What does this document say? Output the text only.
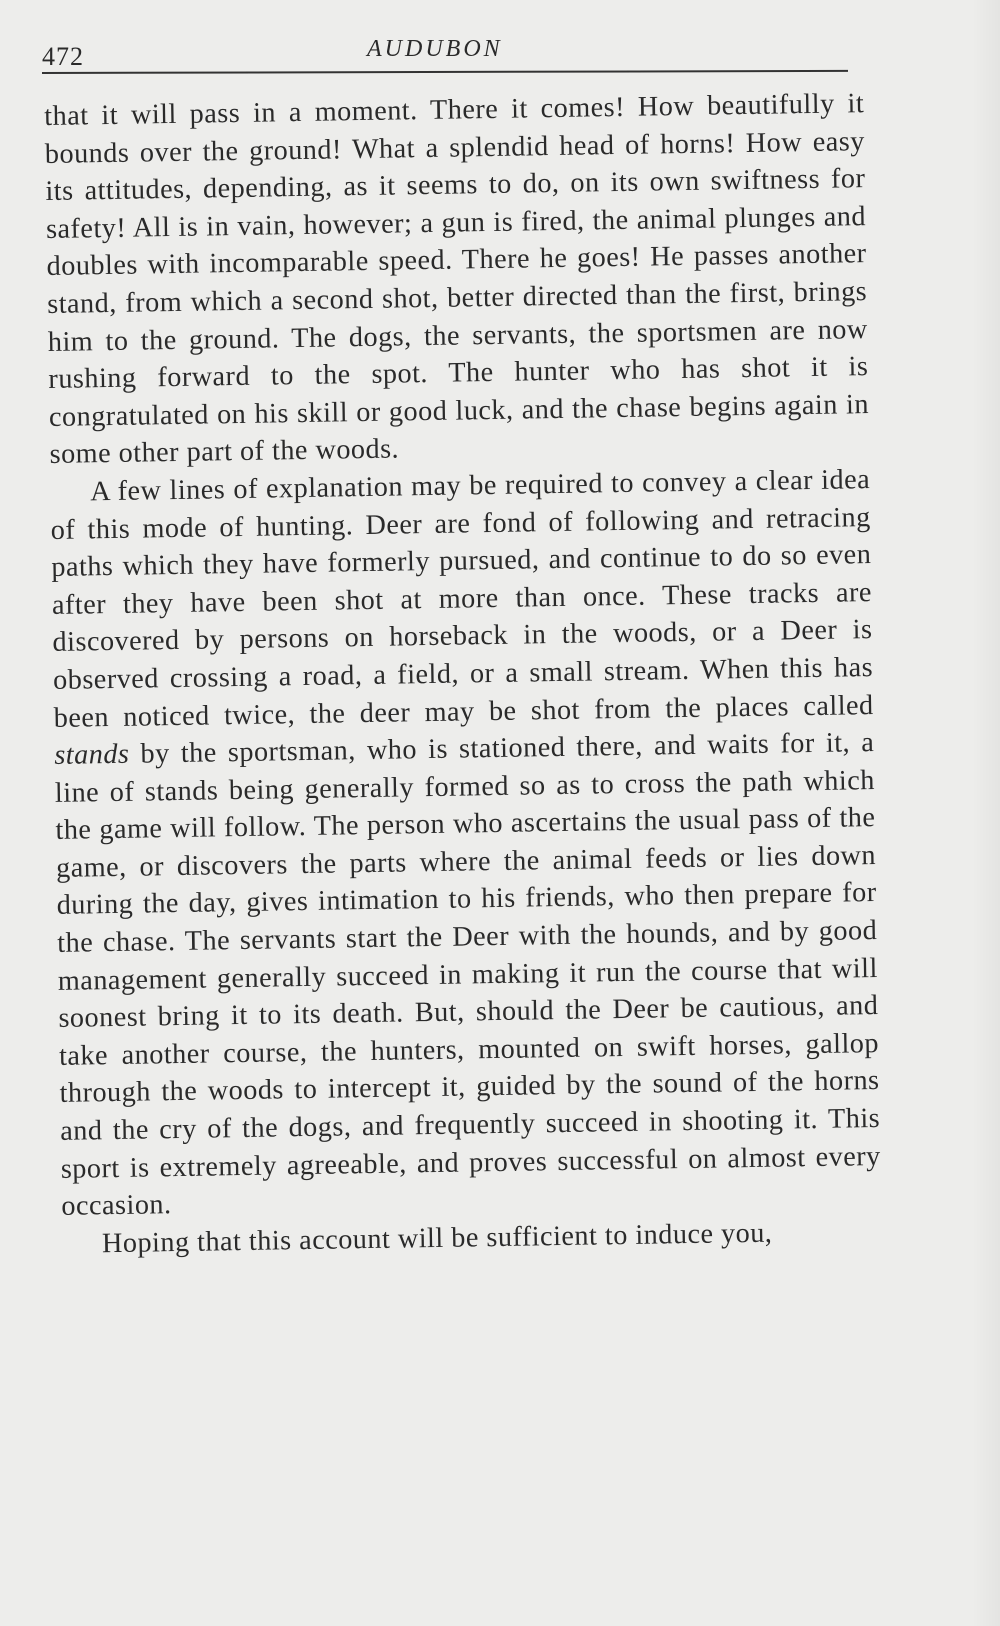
472	AUDUBON

that it will pass in a moment. There it comes! How beautifully it bounds over the ground! What a splendid head of horns! How easy its attitudes, depending, as it seems to do, on its own swiftness for safety! All is in vain, however; a gun is fired, the animal plunges and doubles with incomparable speed. There he goes! He passes another stand, from which a second shot, better directed than the first, brings him to the ground. The dogs, the servants, the sportsmen are now rushing forward to the spot. The hunter who has shot it is congratulated on his skill or good luck, and the chase begins again in some other part of the woods.

A few lines of explanation may be required to convey a clear idea of this mode of hunting. Deer are fond of following and retracing paths which they have formerly pursued, and continue to do so even after they have been shot at more than once. These tracks are discovered by persons on horseback in the woods, or a Deer is observed crossing a road, a field, or a small stream. When this has been noticed twice, the deer may be shot from the places called stands by the sportsman, who is stationed there, and waits for it, a line of stands being generally formed so as to cross the path which the game will follow. The person who ascertains the usual pass of the game, or discovers the parts where the animal feeds or lies down during the day, gives intimation to his friends, who then prepare for the chase. The servants start the Deer with the hounds, and by good management generally succeed in making it run the course that will soonest bring it to its death. But, should the Deer be cautious, and take another course, the hunters, mounted on swift horses, gallop through the woods to intercept it, guided by the sound of the horns and the cry of the dogs, and frequently succeed in shooting it. This sport is extremely agreeable, and proves successful on almost every occasion.

Hoping that this account will be sufficient to induce you,
